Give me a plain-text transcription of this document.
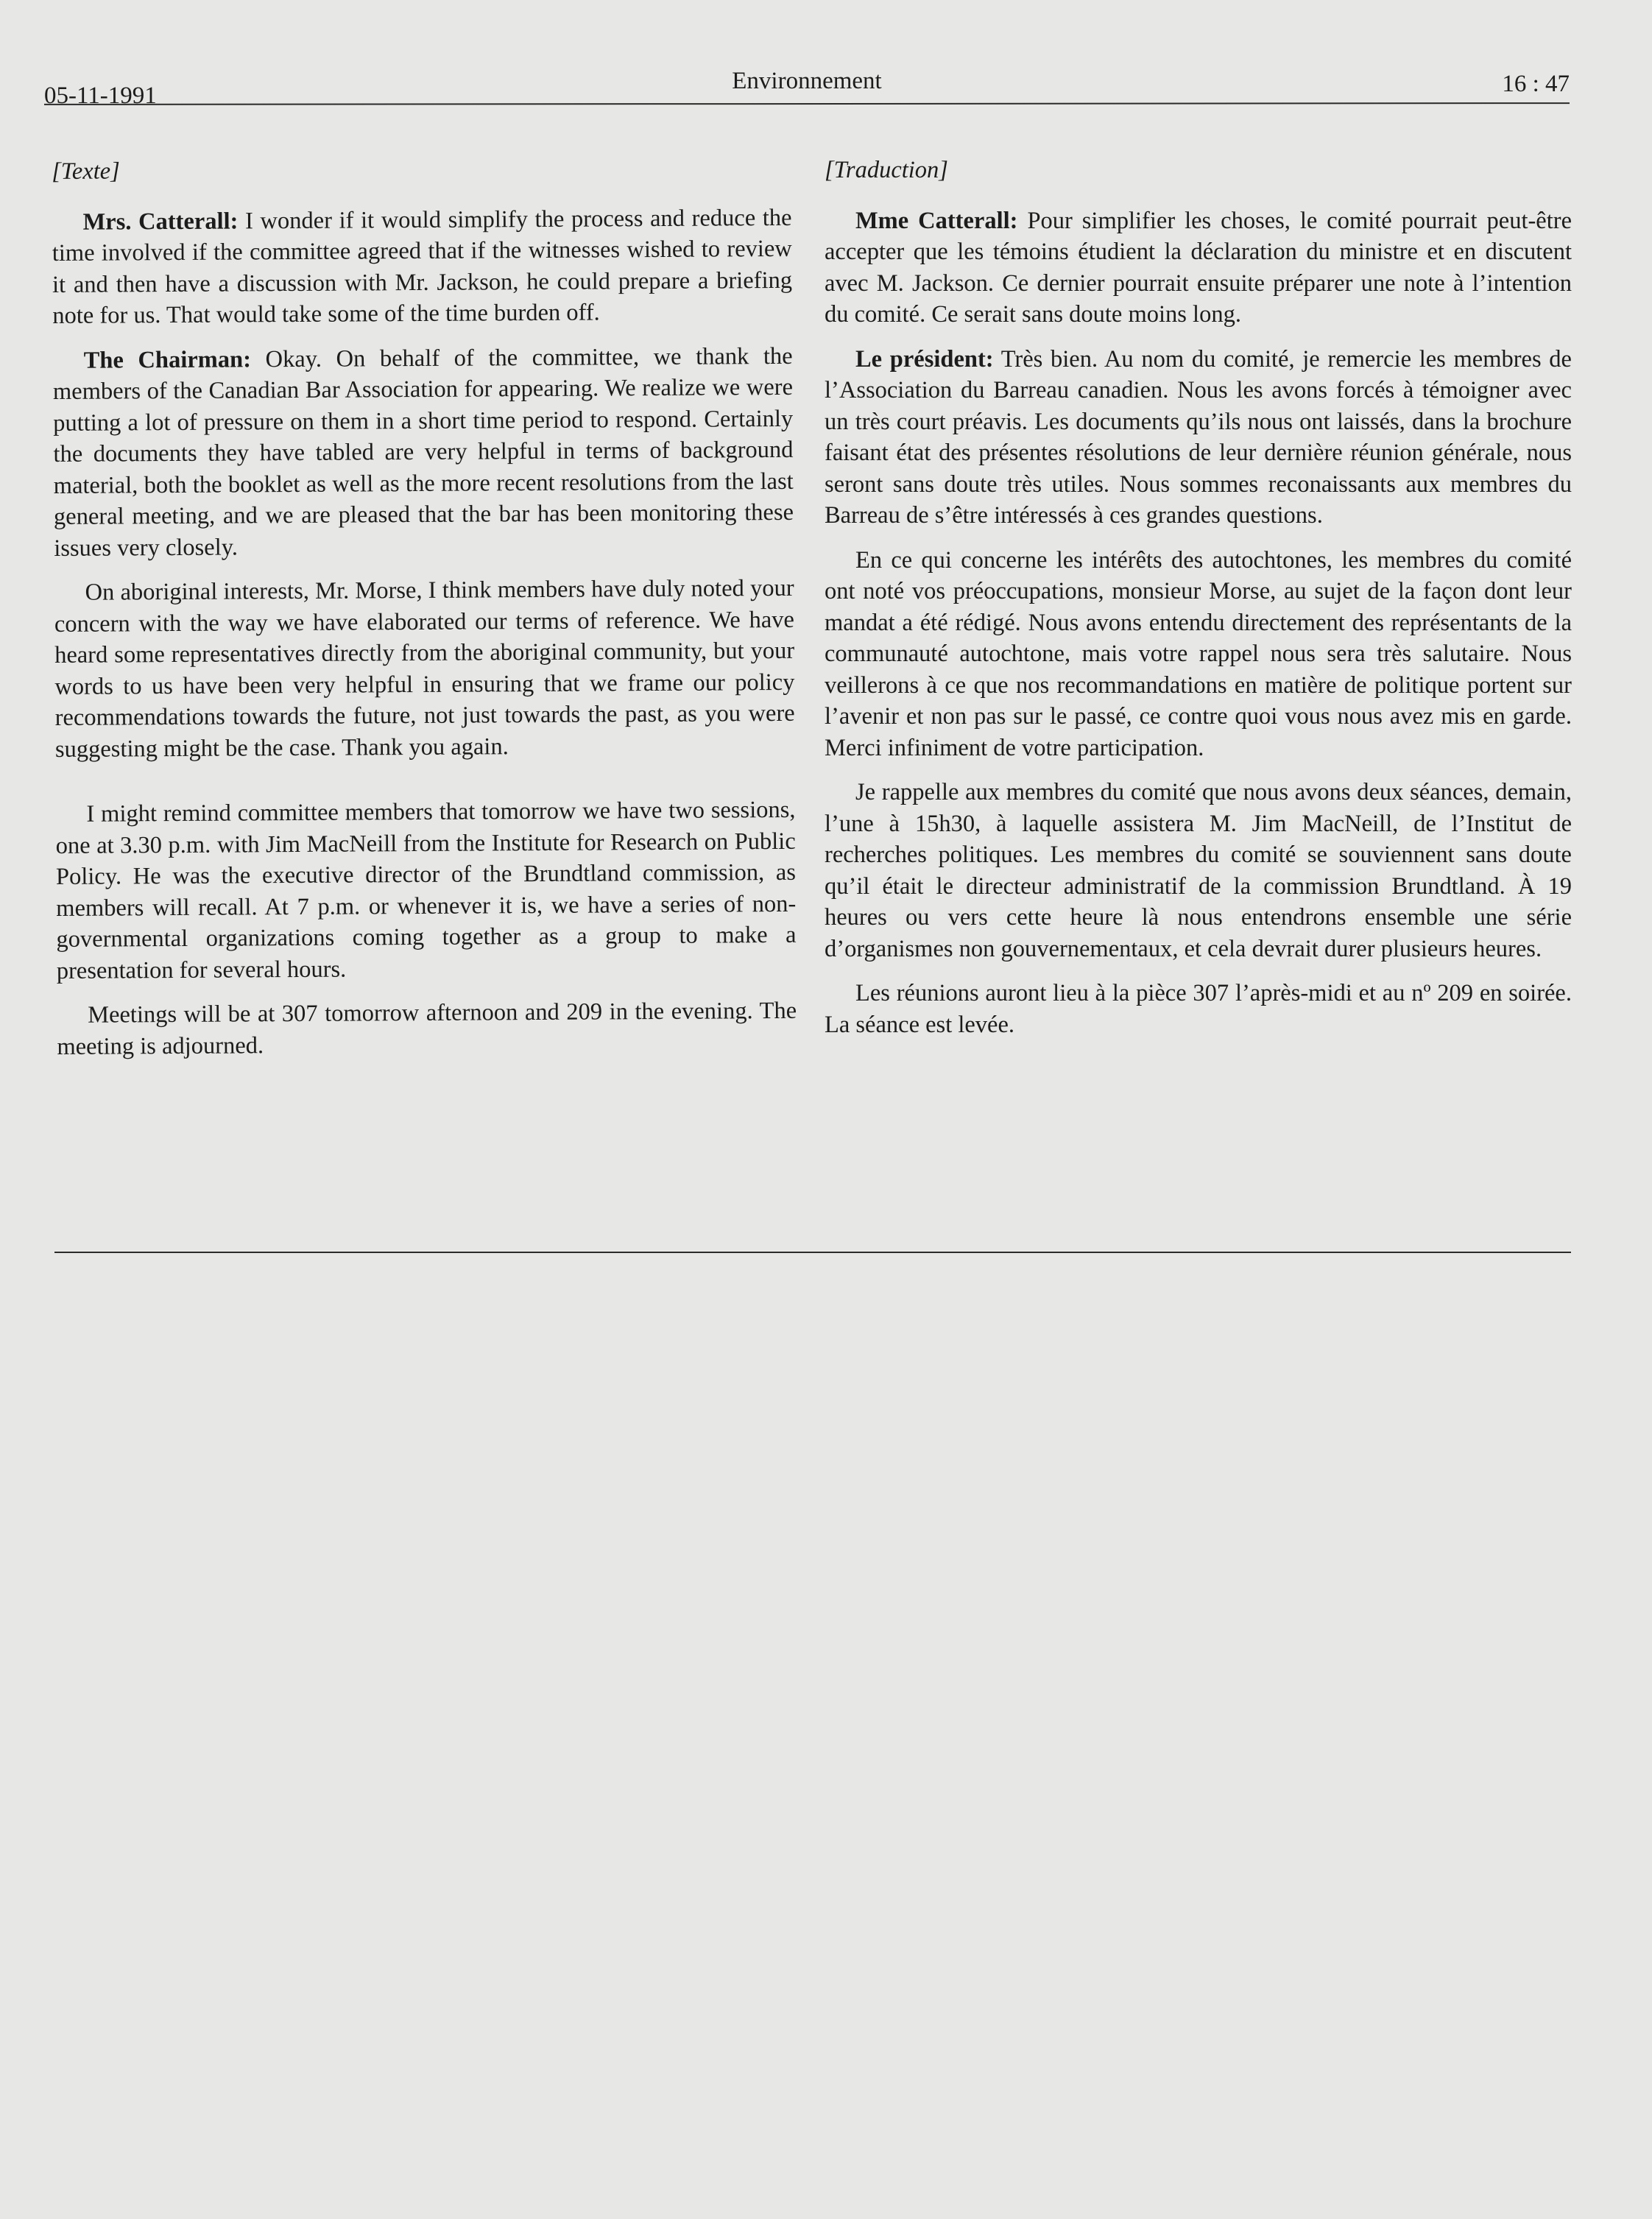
05-11-1991
Environnement	16 : 47

[Texte]

Mrs. Catterall: I wonder if it would simplify the process and reduce the time involved if the committee agreed that if the witnesses wished to review it and then have a discussion with Mr. Jackson, he could prepare a briefing note for us. That would take some of the time burden off.

The Chairman: Okay. On behalf of the committee, we thank the members of the Canadian Bar Association for appearing. We realize we were putting a lot of pressure on them in a short time period to respond. Certainly the documents they have tabled are very helpful in terms of background material, both the booklet as well as the more recent resolutions from the last general meeting, and we are pleased that the bar has been monitoring these issues very closely.

On aboriginal interests, Mr. Morse, I think members have duly noted your concern with the way we have elaborated our terms of reference. We have heard some representatives directly from the aboriginal community, but your words to us have been very helpful in ensuring that we frame our policy recommendations towards the future, not just towards the past, as you were suggesting might be the case. Thank you again.

I might remind committee members that tomorrow we have two sessions, one at 3.30 p.m. with Jim MacNeill from the Institute for Research on Public Policy. He was the executive director of the Brundtland commission, as members will recall. At 7 p.m. or whenever it is, we have a series of non-governmental organizations coming together as a group to make a presentation for several hours.

Meetings will be at 307 tomorrow afternoon and 209 in the evening. The meeting is adjourned.

[Traduction]

Mme Catterall: Pour simplifier les choses, le comité pourrait peut-être accepter que les témoins étudient la déclaration du ministre et en discutent avec M. Jackson. Ce dernier pourrait ensuite préparer une note à l’intention du comité. Ce serait sans doute moins long.

Le président: Très bien. Au nom du comité, je remercie les membres de l’Association du Barreau canadien. Nous les avons forcés à témoigner avec un très court préavis. Les documents qu’ils nous ont laissés, dans la brochure faisant état des présentes résolutions de leur dernière réunion générale, nous seront sans doute très utiles. Nous sommes reconaissants aux membres du Barreau de s’être intéressés à ces grandes questions.

En ce qui concerne les intérêts des autochtones, les membres du comité ont noté vos préoccupations, monsieur Morse, au sujet de la façon dont leur mandat a été rédigé. Nous avons entendu directement des représentants de la communauté autochtone, mais votre rappel nous sera très salutaire. Nous veillerons à ce que nos recommandations en matière de politique portent sur l’avenir et non pas sur le passé, ce contre quoi vous nous avez mis en garde. Merci infiniment de votre participation.

Je rappelle aux membres du comité que nous avons deux séances, demain, l’une à 15h30, à laquelle assistera M. Jim MacNeill, de l’Institut de recherches politiques. Les membres du comité se souviennent sans doute qu’il était le directeur administratif de la commission Brundtland. À 19 heures ou vers cette heure là nous entendrons ensemble une série d’organismes non gouvernementaux, et cela devrait durer plusieurs heures.

Les réunions auront lieu à la pièce 307 l’après-midi et au nº 209 en soirée. La séance est levée.
